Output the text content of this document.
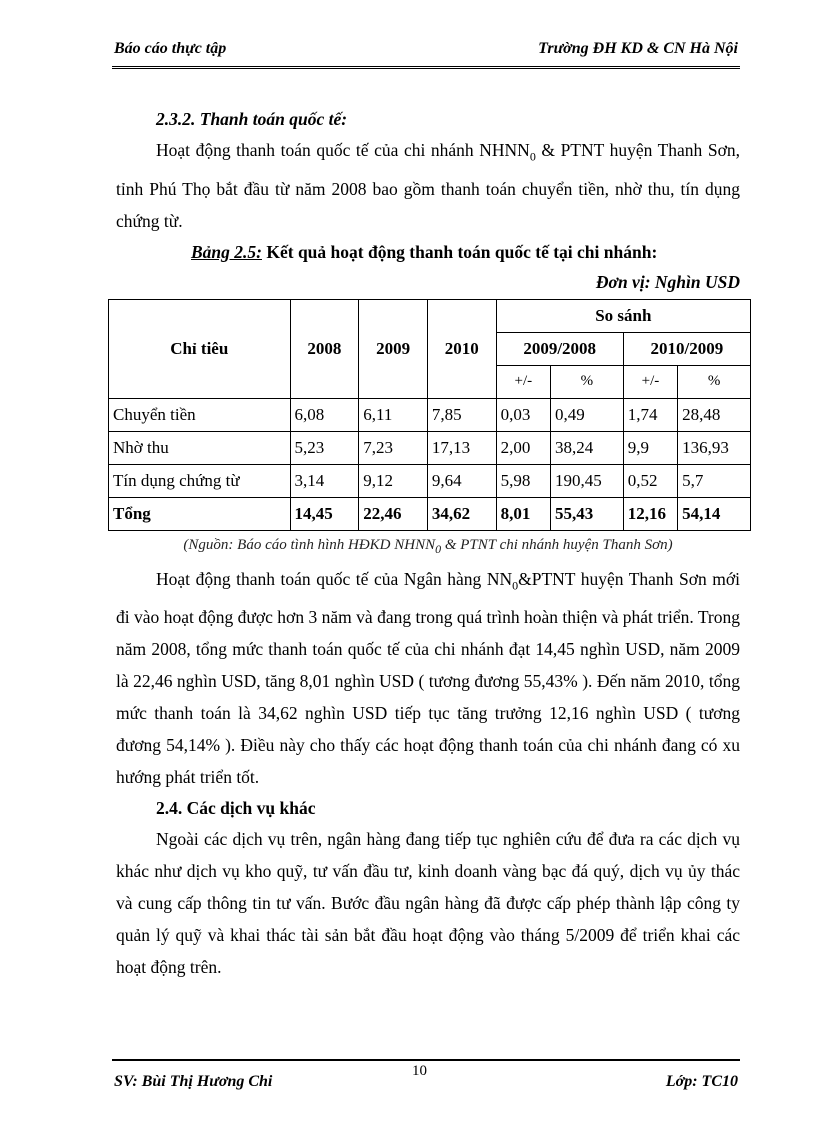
Báo cáo thực tập	Trường ĐH KD & CN Hà Nội

2.3.2. Thanh toán quốc tế:

Hoạt động thanh toán quốc tế của chi nhánh $NHNN_0$ & PTNT huyện Thanh Sơn, tỉnh Phú Thọ bắt đầu từ năm 2008 bao gồm thanh toán chuyển tiền, nhờ thu, tín dụng chứng từ.

Bảng 2.5: Kết quả hoạt động thanh toán quốc tế tại chi nhánh:

Đơn vị: Nghìn USD

Chỉ tiêu	2008	2009	2010	So sánh			
				2009/2008		2010/2009	
				+/-	%	+/-	%
Chuyển tiền	6,08	6,11	7,85	0,03	0,49	1,74	28,48
Nhờ thu	5,23	7,23	17,13	2,00	38,24	9,9	136,93
Tín dụng chứng từ	3,14	9,12	9,64	5,98	190,45	0,52	5,7
Tổng	14,45	22,46	34,62	8,01	55,43	12,16	54,14

(Nguồn: Báo cáo tình hình HĐKD $NHNN_0$ & PTNT chi nhánh huyện Thanh Sơn)

Hoạt động thanh toán quốc tế của Ngân hàng $NN_0\&PTNT$ huyện Thanh Sơn mới đi vào hoạt động được hơn 3 năm và đang trong quá trình hoàn thiện và phát triển. Trong năm 2008, tổng mức thanh toán quốc tế của chi nhánh đạt 14,45 nghìn USD, năm 2009 là 22,46 nghìn USD, tăng 8,01 nghìn USD ( tương đương 55,43% ). Đến năm 2010, tổng mức thanh toán là 34,62 nghìn USD tiếp tục tăng trưởng 12,16 nghìn USD ( tương đương 54,14% ). Điều này cho thấy các hoạt động thanh toán của chi nhánh đang có xu hướng phát triển tốt.

2.4. Các dịch vụ khác

Ngoài các dịch vụ trên, ngân hàng đang tiếp tục nghiên cứu để đưa ra các dịch vụ khác như dịch vụ kho quỹ, tư vấn đầu tư, kinh doanh vàng bạc đá quý, dịch vụ ủy thác và cung cấp thông tin tư vấn. Bước đầu ngân hàng đã được cấp phép thành lập công ty quản lý quỹ và khai thác tài sản bắt đầu hoạt động vào tháng 5/2009 để triển khai các hoạt động trên.

SV: Bùi Thị Hương Chi
10
Lớp: TC10
